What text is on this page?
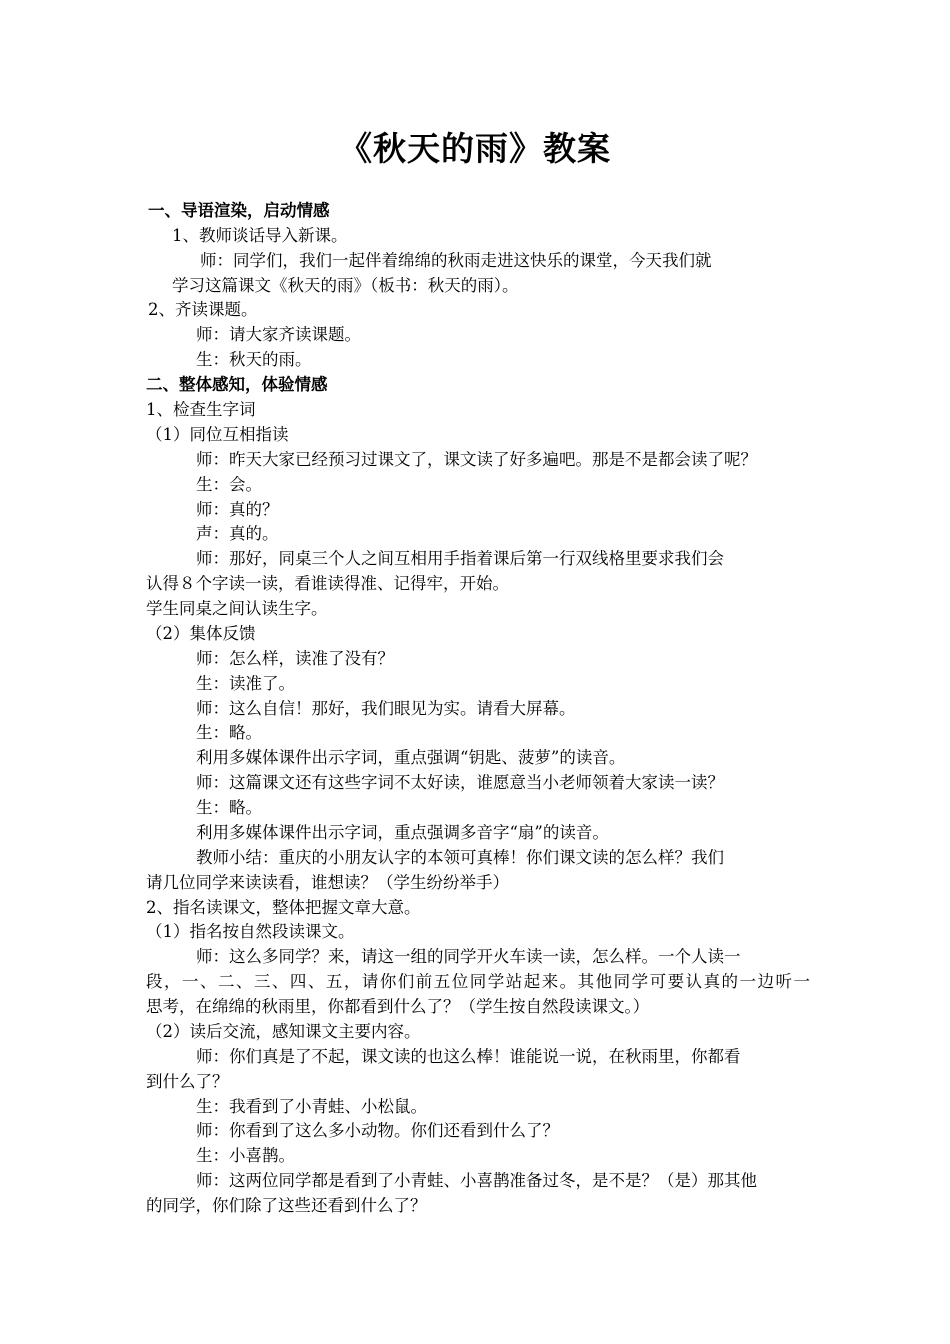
《秋天的雨》教案
一、导语渲染，启动情感
1、教师谈话导入新课。
师：同学们，我们一起伴着绵绵的秋雨走进这快乐的课堂，今天我们就
学习这篇课文《秋天的雨》（板书：秋天的雨）。
2、齐读课题。
师：请大家齐读课题。
生：秋天的雨。
二、整体感知，体验情感
1、检查生字词
（1）同位互相指读
师：昨天大家已经预习过课文了，课文读了好多遍吧。那是不是都会读了呢？
生：会。
师：真的？
声：真的。
师：那好，同桌三个人之间互相用手指着课后第一行双线格里要求我们会
认得８个字读一读，看谁读得准、记得牢，开始。
学生同桌之间认读生字。
（2）集体反馈
师：怎么样，读准了没有？
生：读准了。
师：这么自信！那好，我们眼见为实。请看大屏幕。
生：略。
利用多媒体课件出示字词，重点强调“钥匙、菠萝”的读音。
师：这篇课文还有这些字词不太好读，谁愿意当小老师领着大家读一读？
生：略。
利用多媒体课件出示字词，重点强调多音字“扇”的读音。
教师小结：重庆的小朋友认字的本领可真棒！你们课文读的怎么样？我们
请几位同学来读读看，谁想读？（学生纷纷举手）
2、指名读课文，整体把握文章大意。
（1）指名按自然段读课文。
师：这么多同学？来，请这一组的同学开火车读一读，怎么样。一个人读一
段，一、二、三、四、五，请你们前五位同学站起来。其他同学可要认真的一边听一
思考，在绵绵的秋雨里，你都看到什么了？（学生按自然段读课文。）
（2）读后交流，感知课文主要内容。
师：你们真是了不起，课文读的也这么棒！谁能说一说，在秋雨里，你都看
到什么了？
生：我看到了小青蛙、小松鼠。
师：你看到了这么多小动物。你们还看到什么了？
生：小喜鹊。
师：这两位同学都是看到了小青蛙、小喜鹊准备过冬，是不是？（是）那其他
的同学，你们除了这些还看到什么了？
